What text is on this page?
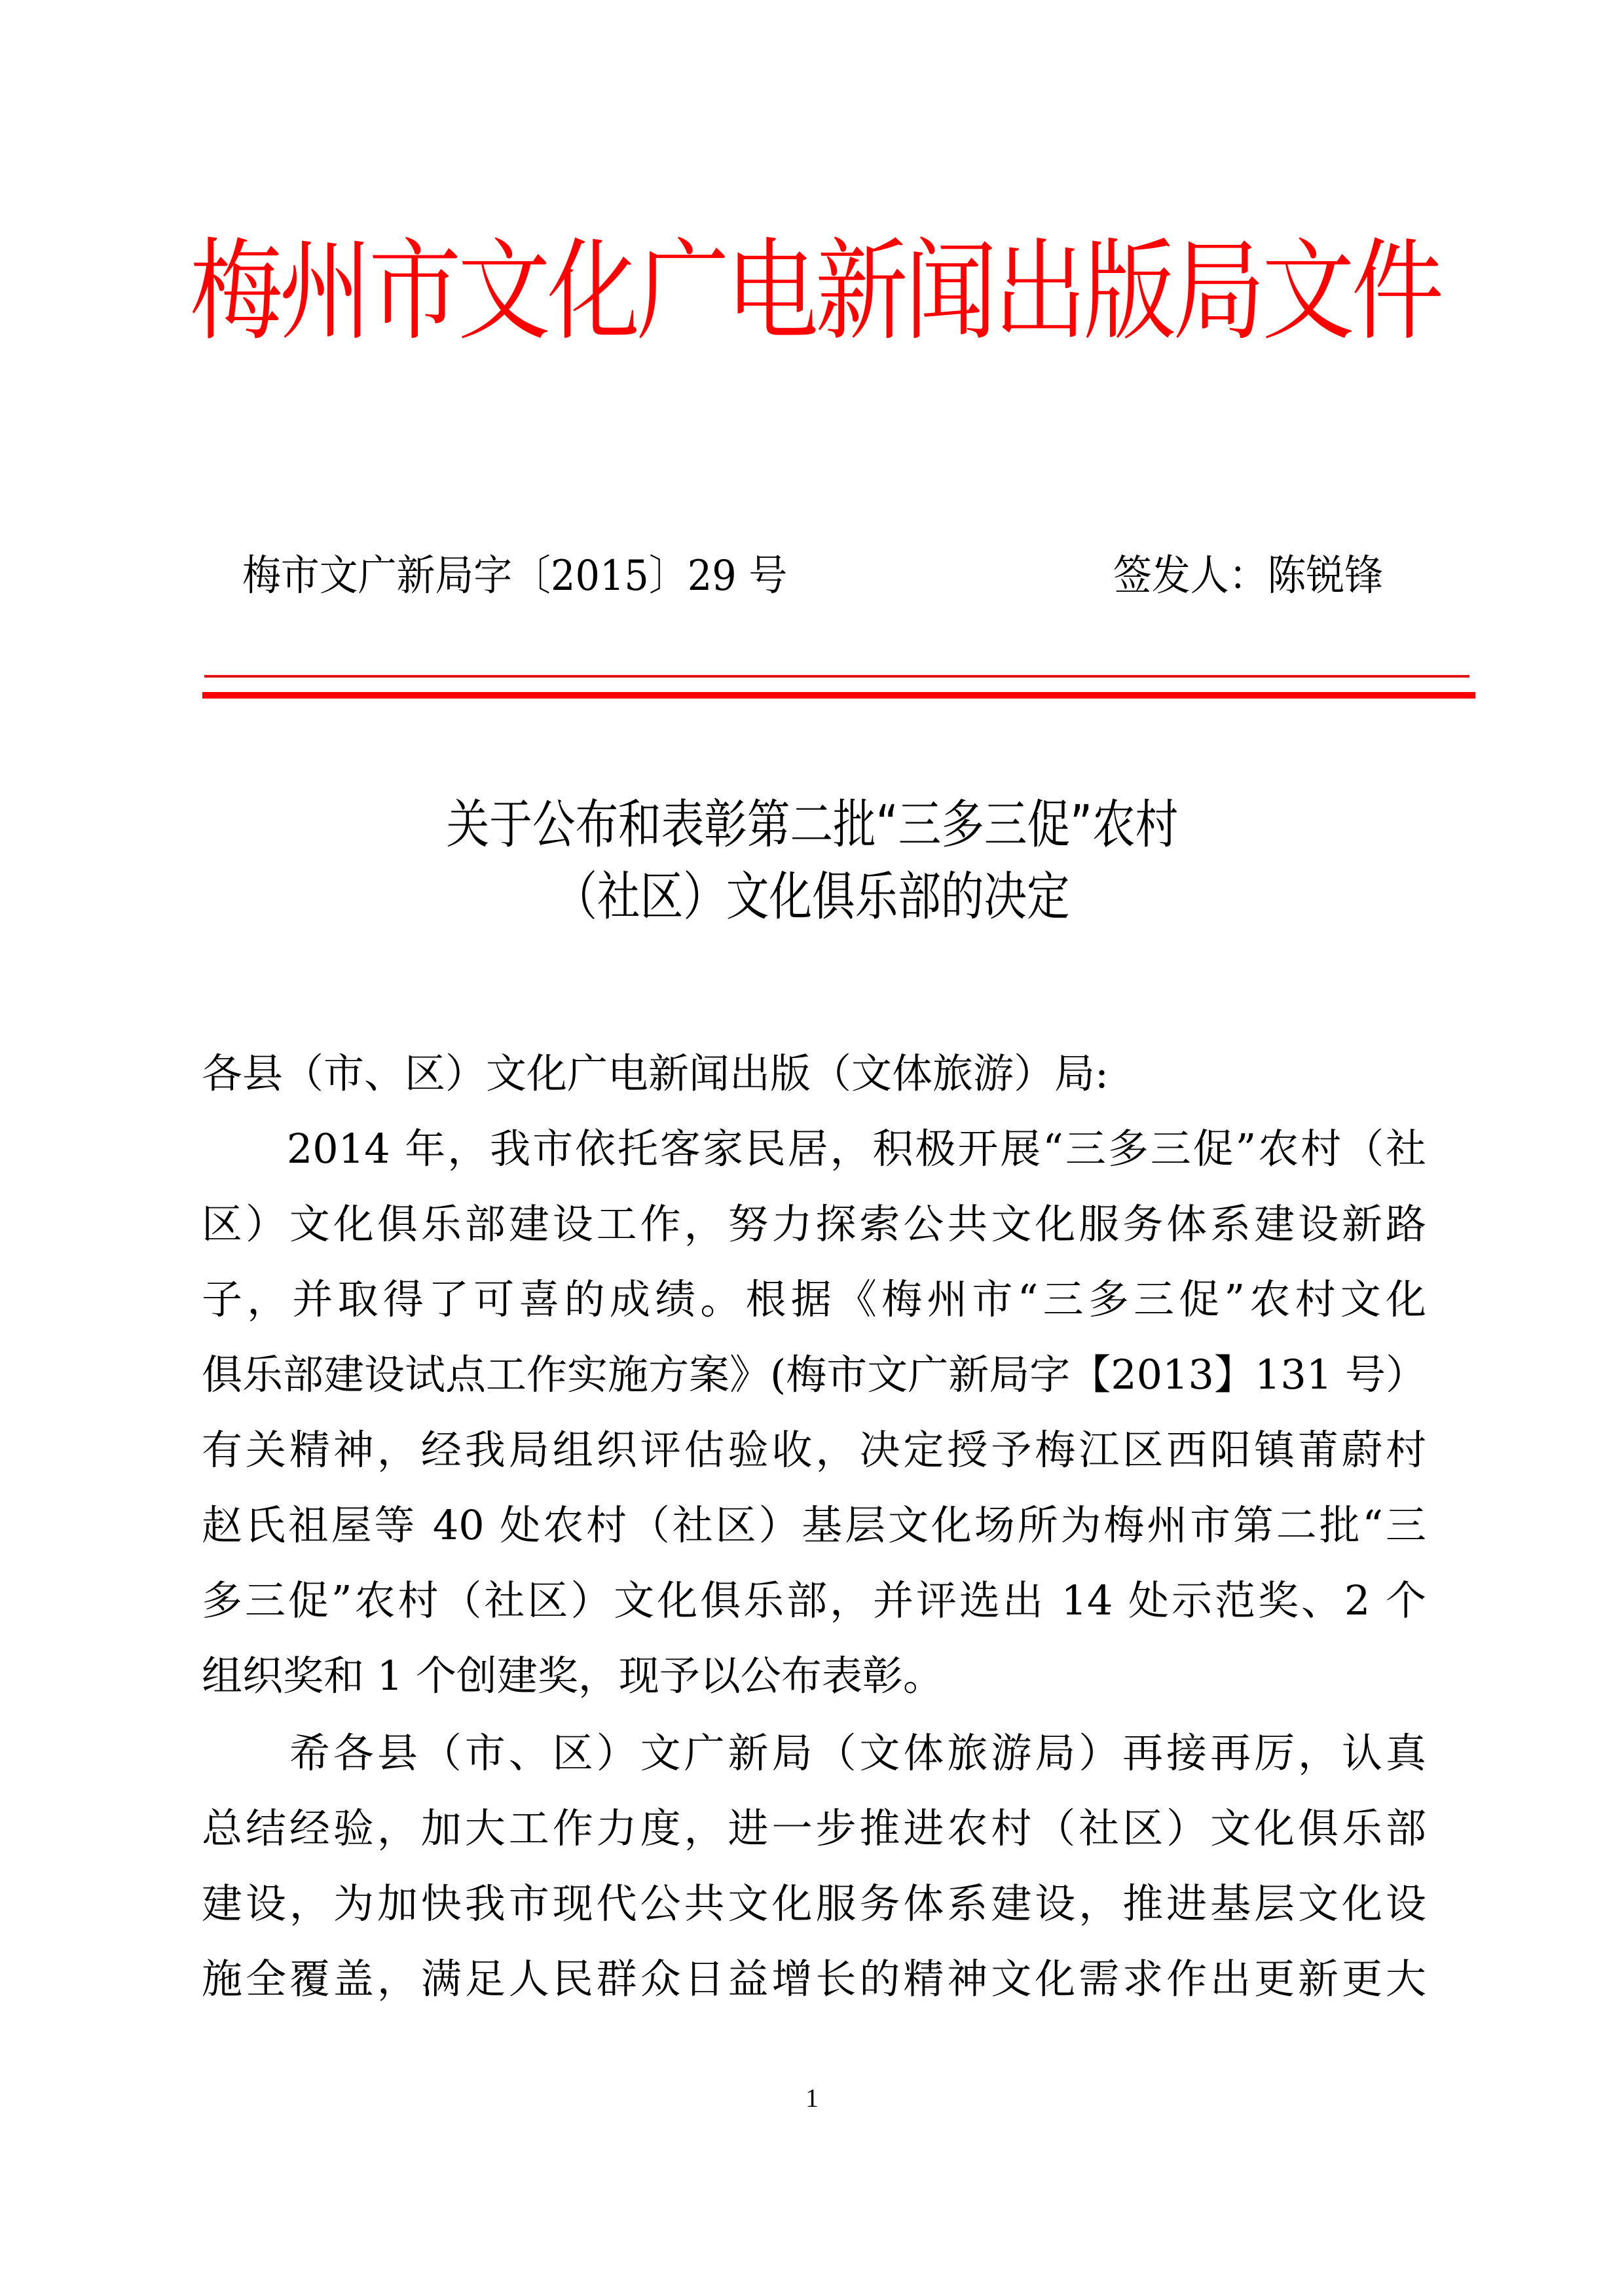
梅州市文化广电新闻出版局文件
梅市文广新局字〔2015〕29 号	签发人：陈锐锋
关于公布和表彰第二批“三多三促”农村
（社区）文化俱乐部的决定
各县（市、区）文化广电新闻出版（文体旅游）局:
　　2014 年，我市依托客家民居，积极开展“三多三促”农村（社
区）文化俱乐部建设工作，努力探索公共文化服务体系建设新路
子，并取得了可喜的成绩。根据《梅州市“三多三促”农村文化
俱乐部建设试点工作实施方案》(梅市文广新局字【2013】131 号）
有关精神，经我局组织评估验收，决定授予梅江区西阳镇莆蔚村
赵氏祖屋等 40 处农村（社区）基层文化场所为梅州市第二批“三
多三促”农村（社区）文化俱乐部，并评选出 14 处示范奖、2 个
组织奖和 1 个创建奖，现予以公布表彰。
　　希各县（市、区）文广新局（文体旅游局）再接再厉，认真
总结经验，加大工作力度，进一步推进农村（社区）文化俱乐部
建设，为加快我市现代公共文化服务体系建设，推进基层文化设
施全覆盖，满足人民群众日益增长的精神文化需求作出更新更大
1
